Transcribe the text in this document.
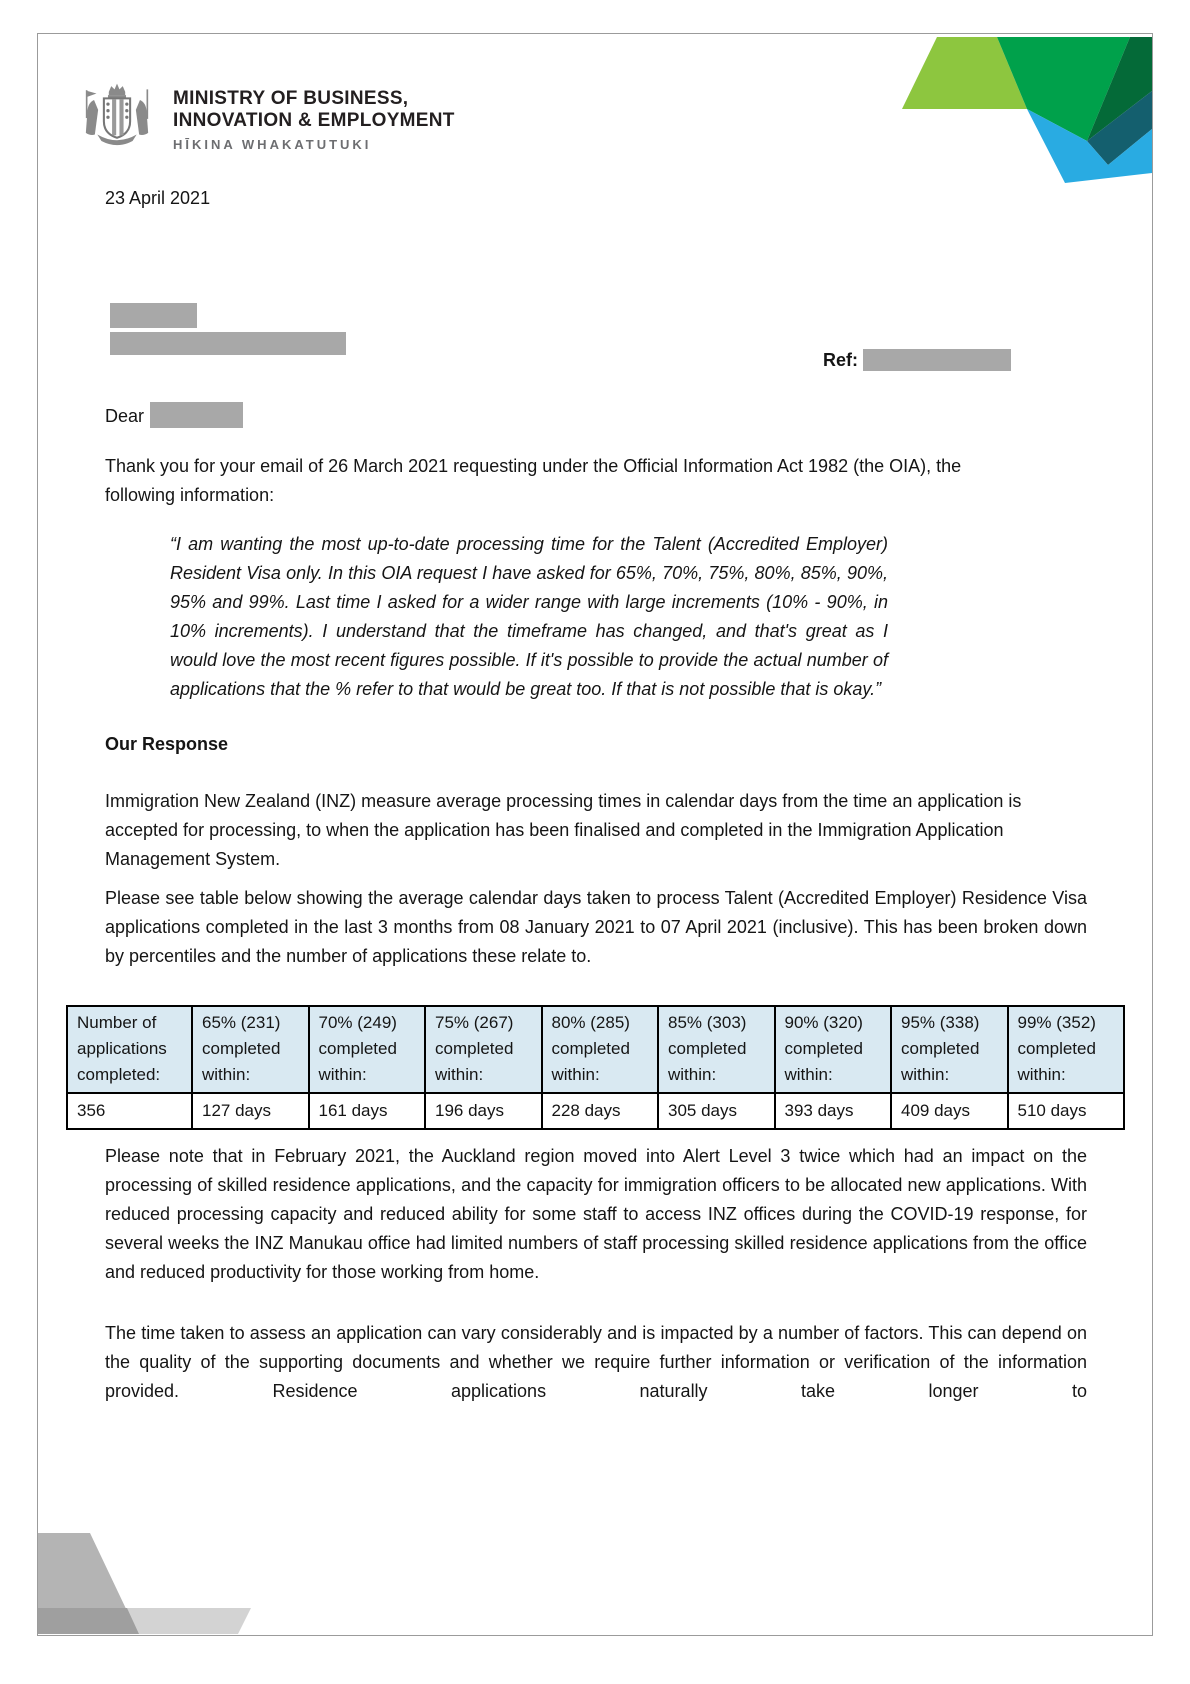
MINISTRY OF BUSINESS,
INNOVATION & EMPLOYMENT
HĪKINA WHAKATUTUKI
23 April 2021
Ref:
Dear

Thank you for your email of 26 March 2021 requesting under the Official Information Act 1982 (the OIA), the following information:

“I am wanting the most up-to-date processing time for the Talent (Accredited Employer) Resident Visa only. In this OIA request I have asked for 65%, 70%, 75%, 80%, 85%, 90%, 95% and 99%. Last time I asked for a wider range with large increments (10% - 90%, in 10% increments). I understand that the timeframe has changed, and that's great as I would love the most recent figures possible. If it's possible to provide the actual number of applications that the % refer to that would be great too. If that is not possible that is okay.”

Our Response

Immigration New Zealand (INZ) measure average processing times in calendar days from the time an application is accepted for processing, to when the application has been finalised and completed in the Immigration Application Management System.

Please see table below showing the average calendar days taken to process Talent (Accredited Employer) Residence Visa applications completed in the last 3 months from 08 January 2021 to 07 April 2021 (inclusive). This has been broken down by percentiles and the number of applications these relate to.

Number of applications completed:	65% (231) completed within:	70% (249) completed within:	75% (267) completed within:	80% (285) completed within:	85% (303) completed within:	90% (320) completed within:	95% (338) completed within:	99% (352) completed within:
356	127 days	161 days	196 days	228 days	305 days	393 days	409 days	510 days

Please note that in February 2021, the Auckland region moved into Alert Level 3 twice which had an impact on the processing of skilled residence applications, and the capacity for immigration officers to be allocated new applications. With reduced processing capacity and reduced ability for some staff to access INZ offices during the COVID-19 response, for several weeks the INZ Manukau office had limited numbers of staff processing skilled residence applications from the office and reduced productivity for those working from home.

The time taken to assess an application can vary considerably and is impacted by a number of factors. This can depend on the quality of the supporting documents and whether we require further information or verification of the information provided. Residence applications naturally take longer to
